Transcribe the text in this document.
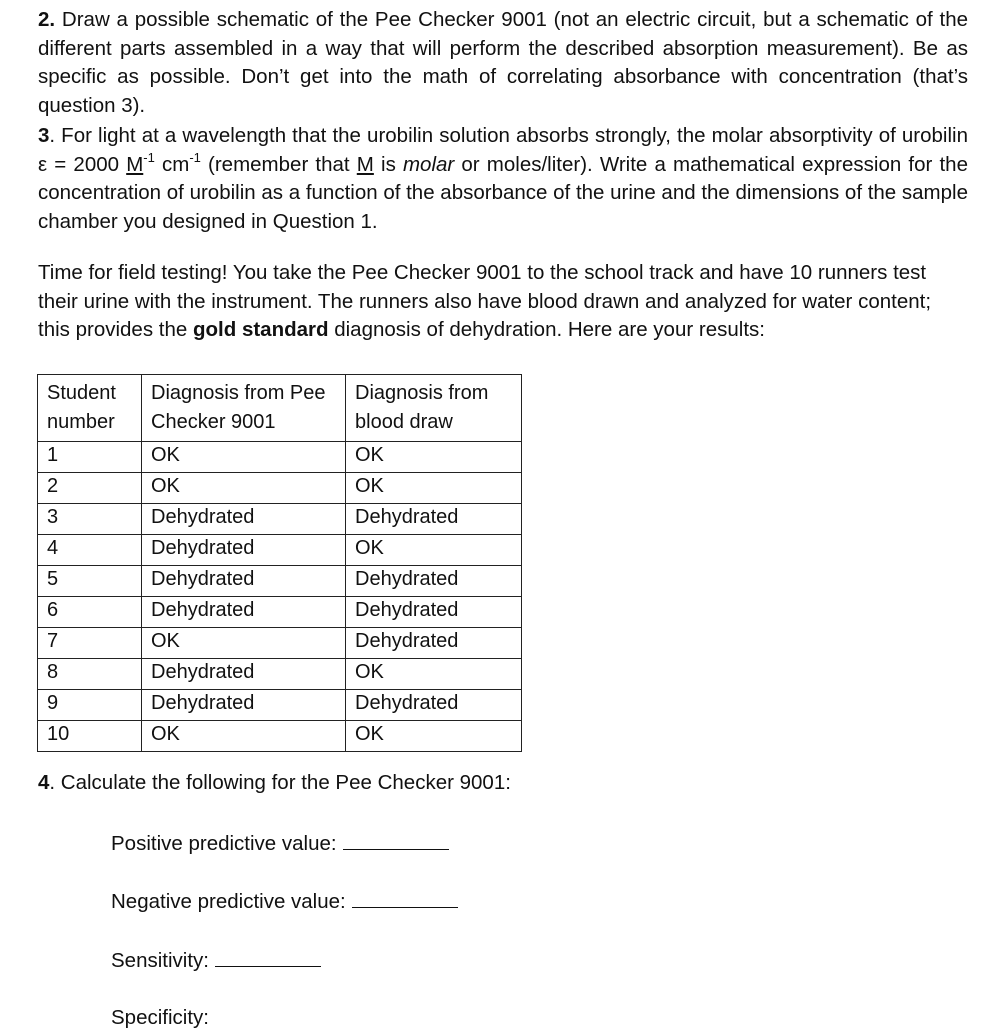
2. Draw a possible schematic of the Pee Checker 9001 (not an electric circuit, but a schematic of the different parts assembled in a way that will perform the described absorption measurement). Be as specific as possible. Don’t get into the math of correlating absorbance with concentration (that’s question 3).

3. For light at a wavelength that the urobilin solution absorbs strongly, the molar absorptivity of urobilin ε = 2000 $M^{-1}$ $cm^{-1}$ (remember that M is molar or moles/liter). Write a mathematical expression for the concentration of urobilin as a function of the absorbance of the urine and the dimensions of the sample chamber you designed in Question 1.

Time for field testing! You take the Pee Checker 9001 to the school track and have 10 runners test their urine with the instrument. The runners also have blood drawn and analyzed for water content; this provides the gold standard diagnosis of dehydration. Here are your results:

Student number	Diagnosis from Pee Checker 9001	Diagnosis from blood draw
1	OK	OK
2	OK	OK
3	Dehydrated	Dehydrated
4	Dehydrated	OK
5	Dehydrated	Dehydrated
6	Dehydrated	Dehydrated
7	OK	Dehydrated
8	Dehydrated	OK
9	Dehydrated	Dehydrated
10	OK	OK
4. Calculate the following for the Pee Checker 9001:
Positive predictive value:
Negative predictive value:
Sensitivity:
Specificity:
